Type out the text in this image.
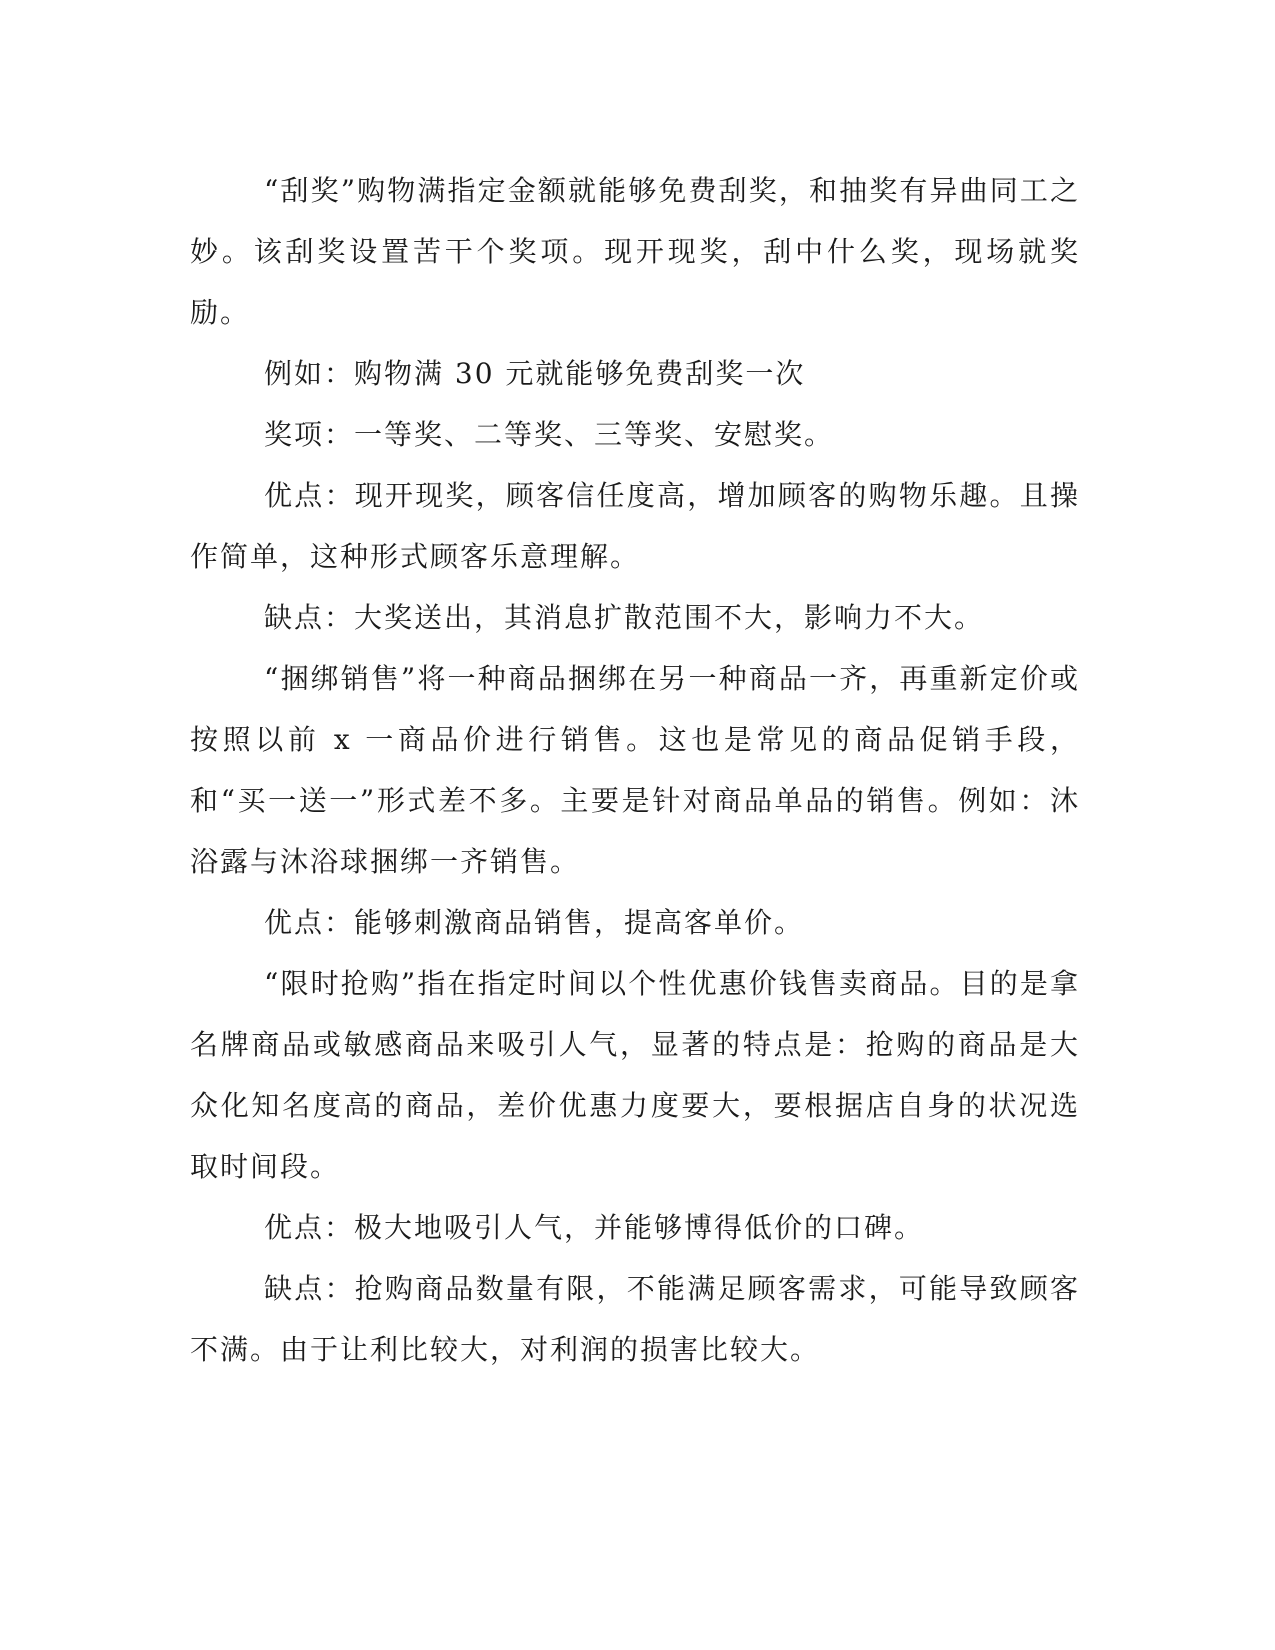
“刮奖”购物满指定金额就能够免费刮奖，和抽奖有异曲同工之妙。该刮奖设置苦干个奖项。现开现奖，刮中什么奖，现场就奖励。

例如：购物满 30 元就能够免费刮奖一次

奖项：一等奖、二等奖、三等奖、安慰奖。

优点：现开现奖，顾客信任度高，增加顾客的购物乐趣。且操作简单，这种形式顾客乐意理解。

缺点：大奖送出，其消息扩散范围不大，影响力不大。

“捆绑销售”将一种商品捆绑在另一种商品一齐，再重新定价或按照以前 x 一商品价进行销售。这也是常见的商品促销手段，和“买一送一”形式差不多。主要是针对商品单品的销售。例如：沐浴露与沐浴球捆绑一齐销售。

优点：能够刺激商品销售，提高客单价。

“限时抢购”指在指定时间以个性优惠价钱售卖商品。目的是拿名牌商品或敏感商品来吸引人气，显著的特点是：抢购的商品是大众化知名度高的商品，差价优惠力度要大，要根据店自身的状况选取时间段。

优点：极大地吸引人气，并能够博得低价的口碑。

缺点：抢购商品数量有限，不能满足顾客需求，可能导致顾客不满。由于让利比较大，对利润的损害比较大。
